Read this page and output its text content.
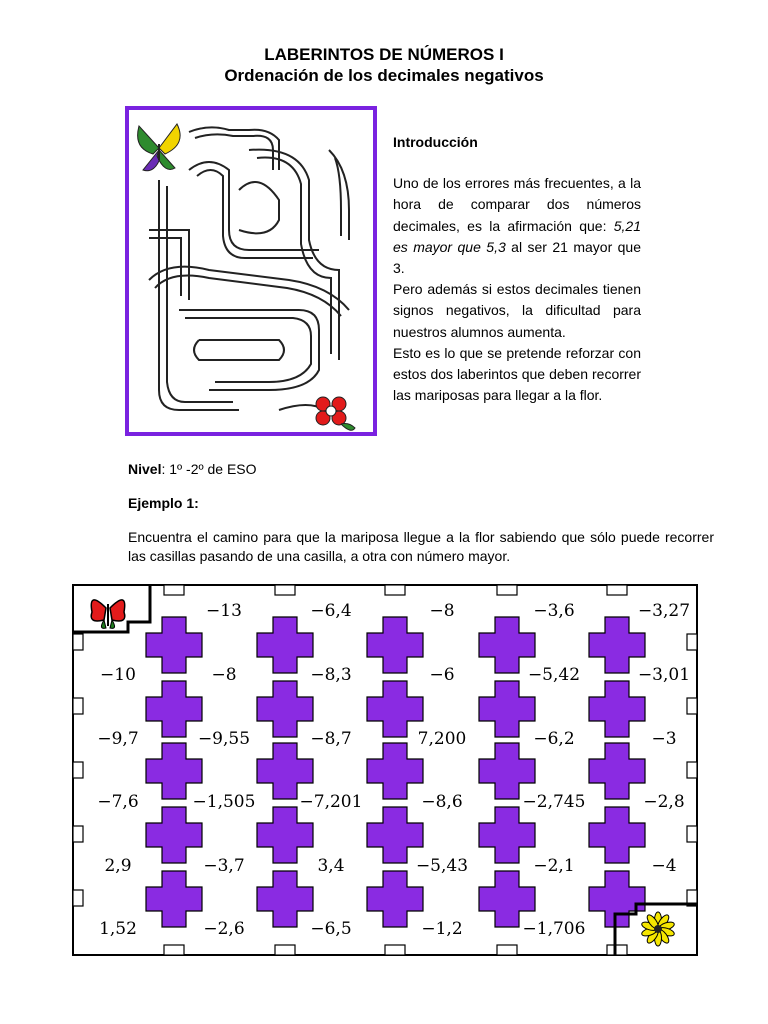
LABERINTOS DE NÚMEROS I
Ordenación de los decimales negativos
Introducción

Uno de los errores más frecuentes, a la hora de comparar dos números decimales, es la afirmación que: 5,21 es mayor que 5,3 al ser 21 mayor que 3.

Pero además si estos decimales tienen signos negativos, la dificultad para nuestros alumnos aumenta.

Esto es lo que se pretende reforzar con estos dos laberintos que deben recorrer las mariposas para llegar a la flor.

Nivel: 1º -2º de ESO
Ejemplo 1:
Encuentra el camino para que la mariposa llegue a la flor sabiendo que sólo puede recorrer las casillas pasando de una casilla, a otra con número mayor.
−13	−6,4	−8	−3,6	−3,27
−10	−8	−8,3	−6	−5,42	−3,01
−9,7	−9,55	−8,7	7,200	−6,2	−3
−7,6	−1,505	−7,201	−8,6	−2,745	−2,8
2,9	−3,7	3,4	−5,43	−2,1	−4
1,52	−2,6	−6,5	−1,2	−1,706
